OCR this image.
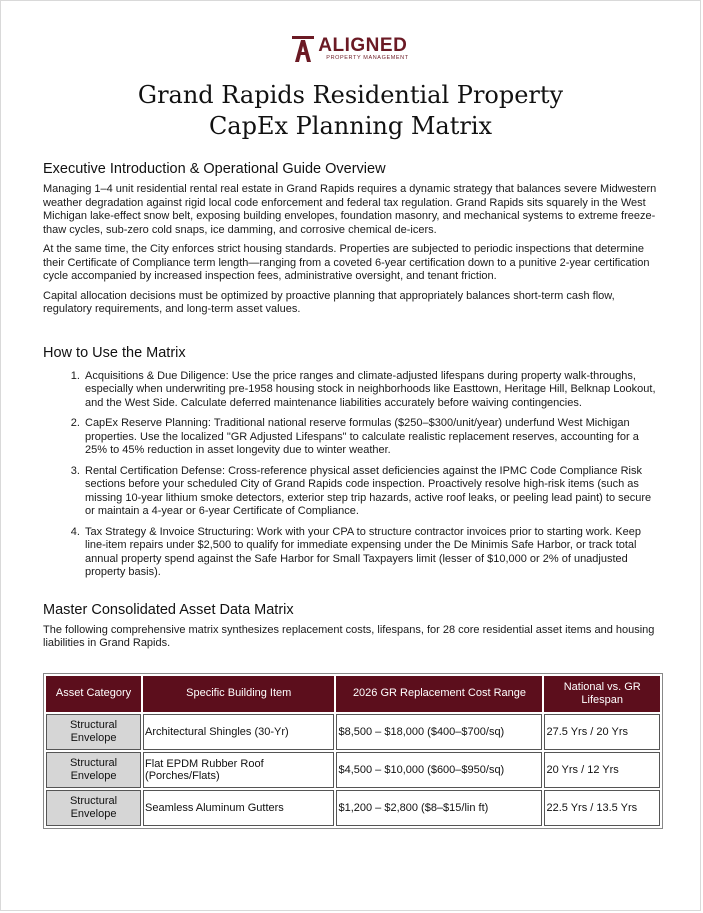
ALIGNED
PROPERTY MANAGEMENT
Grand Rapids Residential Property
CapEx Planning Matrix
Executive Introduction & Operational Guide Overview

Managing 1–4 unit residential rental real estate in Grand Rapids requires a dynamic strategy that balances severe Midwestern weather degradation against rigid local code enforcement and federal tax regulation. Grand Rapids sits squarely in the West Michigan lake-effect snow belt, exposing building envelopes, foundation masonry, and mechanical systems to extreme freeze-thaw cycles, sub-zero cold snaps, ice damming, and corrosive chemical de-icers.

At the same time, the City enforces strict housing standards. Properties are subjected to periodic inspections that determine their Certificate of Compliance term length—ranging from a coveted 6-year certification down to a punitive 2-year certification cycle accompanied by increased inspection fees, administrative oversight, and tenant friction.

Capital allocation decisions must be optimized by proactive planning that appropriately balances short-term cash flow, regulatory requirements, and long-term asset values.

How to Use the Matrix
1. Acquisitions & Due Diligence: Use the price ranges and climate-adjusted lifespans during property walk-throughs, especially when underwriting pre-1958 housing stock in neighborhoods like Easttown, Heritage Hill, Belknap Lookout, and the West Side. Calculate deferred maintenance liabilities accurately before waiving contingencies.
2. CapEx Reserve Planning: Traditional national reserve formulas ($250–$300/unit/year) underfund West Michigan properties. Use the localized "GR Adjusted Lifespans" to calculate realistic replacement reserves, accounting for a 25% to 45% reduction in asset longevity due to winter weather.
3. Rental Certification Defense: Cross-reference physical asset deficiencies against the IPMC Code Compliance Risk sections before your scheduled City of Grand Rapids code inspection. Proactively resolve high-risk items (such as missing 10-year lithium smoke detectors, exterior step trip hazards, active roof leaks, or peeling lead paint) to secure or maintain a 4-year or 6-year Certificate of Compliance.
4. Tax Strategy & Invoice Structuring: Work with your CPA to structure contractor invoices prior to starting work. Keep line-item repairs under $2,500 to qualify for immediate expensing under the De Minimis Safe Harbor, or track total annual property spend against the Safe Harbor for Small Taxpayers limit (lesser of $10,000 or 2% of unadjusted property basis).
Master Consolidated Asset Data Matrix

The following comprehensive matrix synthesizes replacement costs, lifespans, for 28 core residential asset items and housing liabilities in Grand Rapids.

Asset Category	Specific Building Item	2026 GR Replacement Cost Range	National vs. GR Lifespan
Structural Envelope	Architectural Shingles (30-Yr)	$8,500 – $18,000 ($400–$700/sq)	27.5 Yrs / 20 Yrs
Structural Envelope	Flat EPDM Rubber Roof (Porches/Flats)	$4,500 – $10,000 ($600–$950/sq)	20 Yrs / 12 Yrs
Structural Envelope	Seamless Aluminum Gutters	$1,200 – $2,800 ($8–$15/lin ft)	22.5 Yrs / 13.5 Yrs
